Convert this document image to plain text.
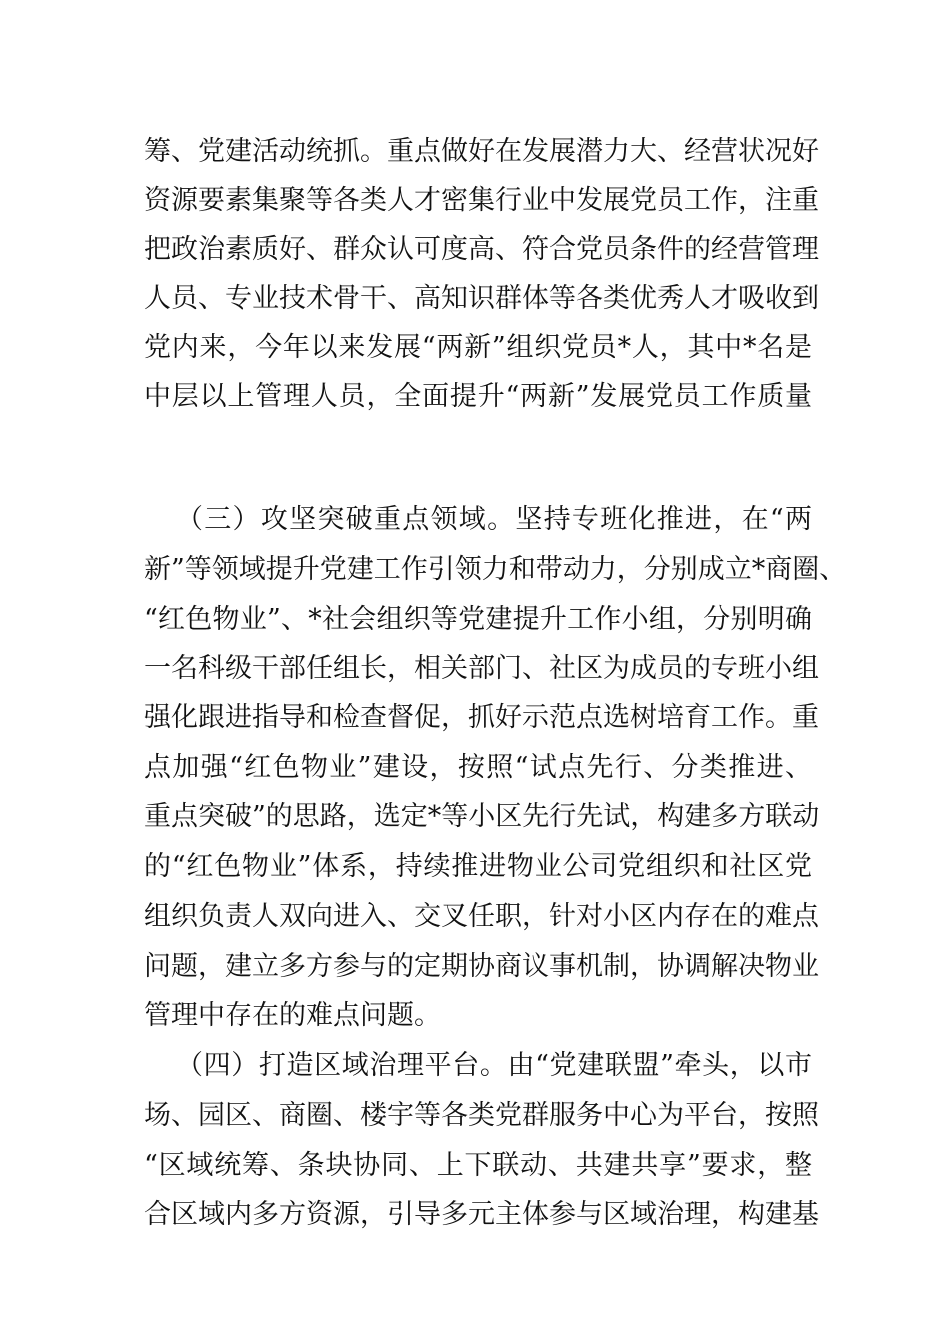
筹、党建活动统抓。重点做好在发展潜力大、经营状况好
资源要素集聚等各类人才密集行业中发展党员工作，注重
把政治素质好、群众认可度高、符合党员条件的经营管理
人员、专业技术骨干、高知识群体等各类优秀人才吸收到
党内来，今年以来发展“两新”组织党员*人，其中*名是
中层以上管理人员，全面提升“两新”发展党员工作质量
（三）攻坚突破重点领域。坚持专班化推进，在“两
新”等领域提升党建工作引领力和带动力，分别成立*商圈、
“红色物业”、*社会组织等党建提升工作小组，分别明确
一名科级干部任组长，相关部门、社区为成员的专班小组
强化跟进指导和检查督促，抓好示范点选树培育工作。重
点加强“红色物业”建设，按照“试点先行、分类推进、
重点突破”的思路，选定*等小区先行先试，构建多方联动
的“红色物业”体系，持续推进物业公司党组织和社区党
组织负责人双向进入、交叉任职，针对小区内存在的难点
问题，建立多方参与的定期协商议事机制，协调解决物业
管理中存在的难点问题。
（四）打造区域治理平台。由“党建联盟”牵头，以市
场、园区、商圈、楼宇等各类党群服务中心为平台，按照
“区域统筹、条块协同、上下联动、共建共享”要求，整
合区域内多方资源，引导多元主体参与区域治理，构建基
